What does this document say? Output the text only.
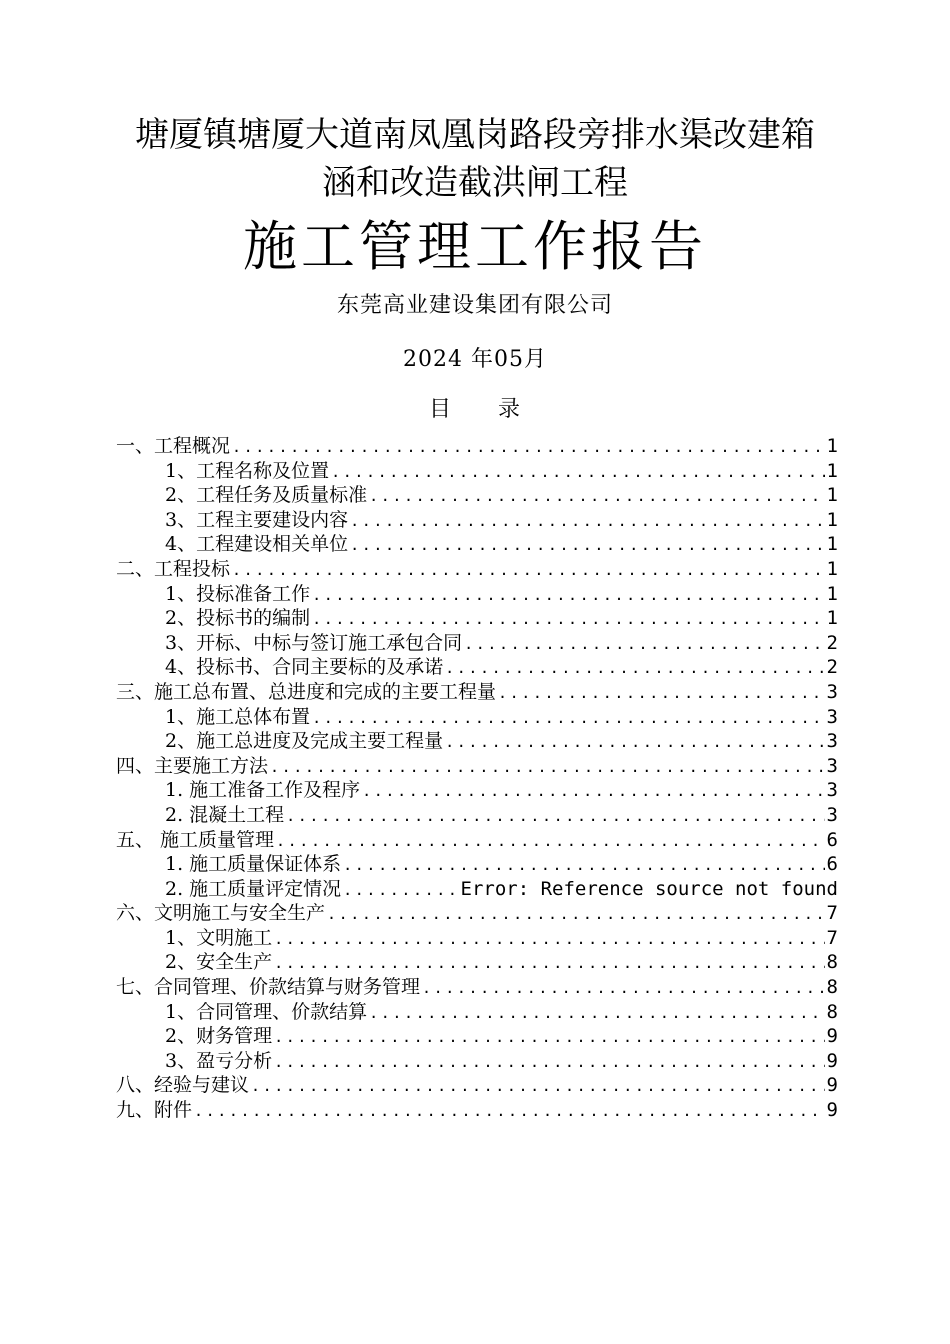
塘厦镇塘厦大道南凤凰岗路段旁排水渠改建箱
涵和改造截洪闸工程
施工管理工作报告
东莞高业建设集团有限公司
2024 年05月
目　　录
一、工程概况 .....	1
1、工程名称及位置 .....	1
2、工程任务及质量标准 .....	1
3、工程主要建设内容 .....	1
4、工程建设相关单位 .....	1
二、工程投标 .....	1
1、投标准备工作 .....	1
2、投标书的编制 .....	1
3、开标、中标与签订施工承包合同 .....	2
4、投标书、合同主要标的及承诺 .....	2
三、施工总布置、总进度和完成的主要工程量 .....	3
1、施工总体布置 .....	3
2、施工总进度及完成主要工程量 .....	3
四、主要施工方法 .....	3
1. 施工准备工作及程序 .....	3
2. 混凝土工程 .....	3
五、 施工质量管理 .....	6
1. 施工质量保证体系 .....	6
2. 施工质量评定情况 .....	Error: Reference source not found
六、文明施工与安全生产 .....	7
1、文明施工 .....	7
2、安全生产 .....	8
七、合同管理、价款结算与财务管理 .....	8
1、合同管理、价款结算 .....	8
2、财务管理 .....	9
3、盈亏分析 .....	9
八、经验与建议 .....	9
九、附件 .....	9
